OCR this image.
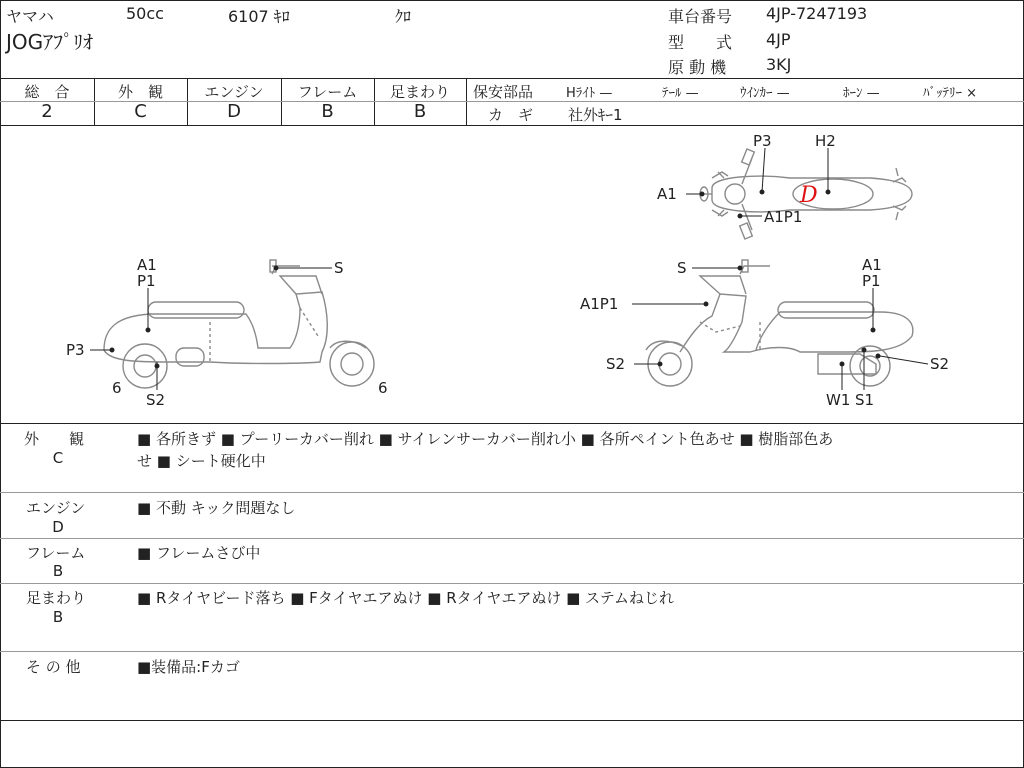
ヤマハ	50cc	6107 ｷﾛ	ｸﾛ
JOGｱﾌﾟﾘｵ
車台番号 4JP-7247193
型　　式 4JP
原 動 機 3KJ
総　合	外　観	エンジン	フレーム	足まわり
2	C	D	B	B
保安部品	Hﾗｲﾄ —	ﾃｰﾙ —	ｳｲﾝｶｰ —	ﾎｰﾝ —	ﾊﾞｯﾃﾘｰ ×
カ　ギ 社外ｷｰ1
D
P3	H2
A1
A1P1
A1
P1
S
P3
6	6
S2
S	A1
P1
A1P1
S2	S2
W1 S1
外　　観
C
■ 各所きず ■ プーリーカバー削れ ■ サイレンサーカバー削れ小 ■ 各所ペイント色あせ ■ 樹脂部色あ
せ ■ シート硬化中
エンジン
D
■ 不動 キック問題なし
フレーム
B
■ フレームさび中
足まわり
B
■ Rタイヤビード落ち ■ Fタイヤエアぬけ ■ Rタイヤエアぬけ ■ ステムねじれ
そ の 他	■装備品:Fカゴ
